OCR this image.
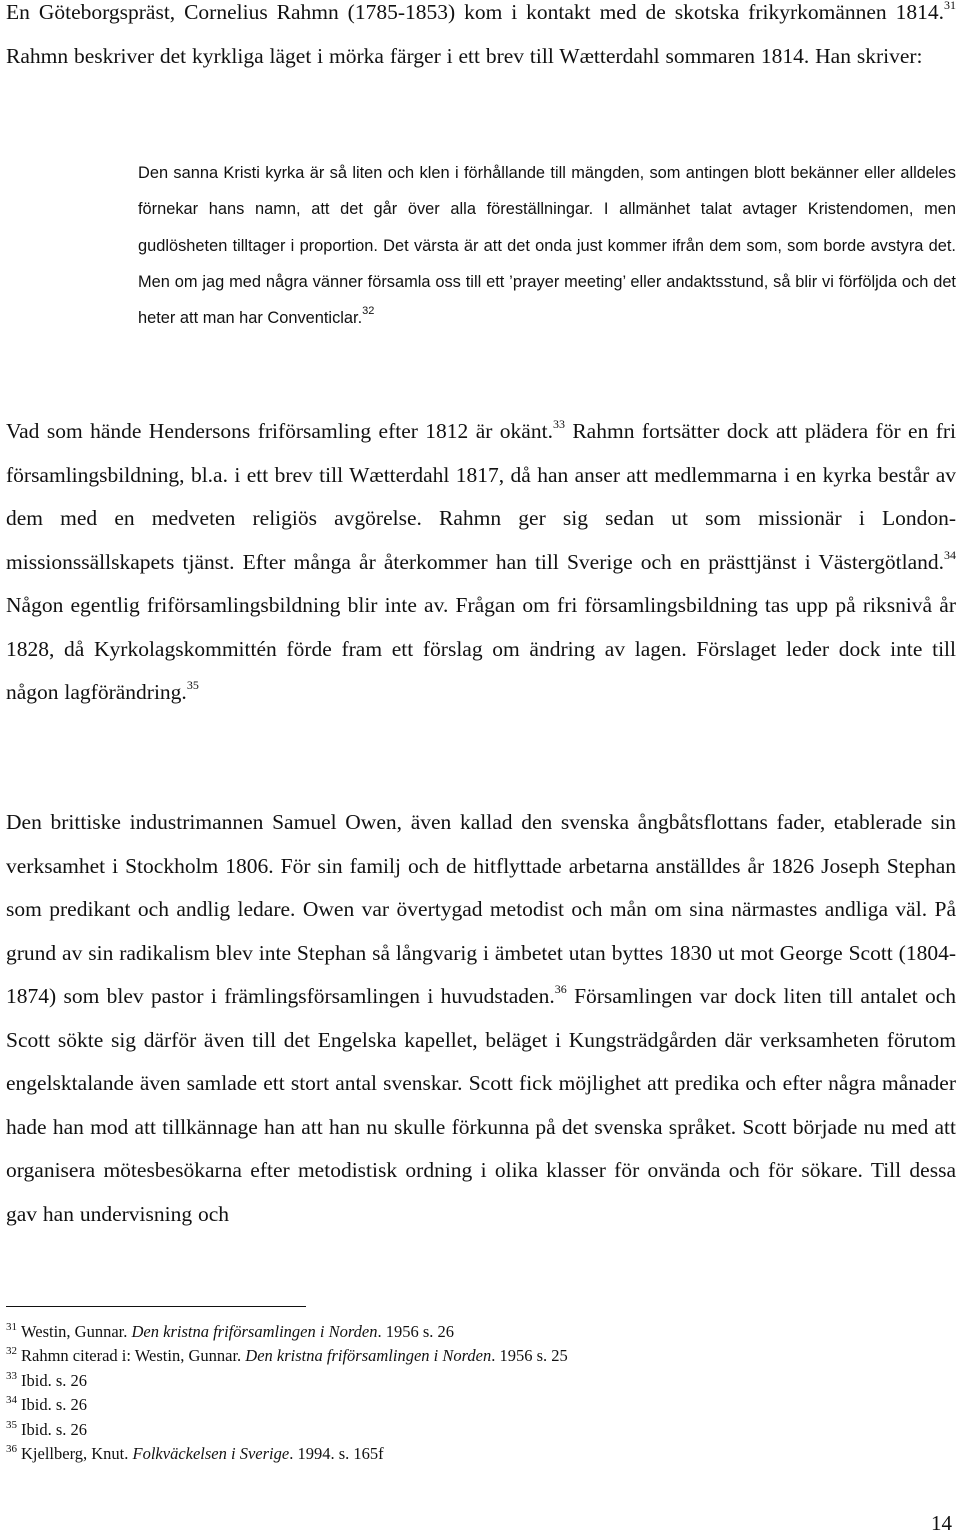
En Göteborgspräst, Cornelius Rahmn (1785-1853) kom i kontakt med de skotska frikyrkomännen 1814.31 Rahmn beskriver det kyrkliga läget i mörka färger i ett brev till Wætterdahl sommaren 1814. Han skriver:

Den sanna Kristi kyrka är så liten och klen i förhållande till mängden, som antingen blott bekänner eller alldeles förnekar hans namn, att det går över alla föreställningar. I allmänhet talat avtager Kristendomen, men gudlösheten tilltager i proportion. Det värsta är att det onda just kommer ifrån dem som, som borde avstyra det. Men om jag med några vänner församla oss till ett ’prayer meeting’ eller andaktsstund, så blir vi förföljda och det heter att man har Conventiclar.$^{32}$

Vad som hände Hendersons friförsamling efter 1812 är okänt.$^{33}$ Rahmn fortsätter dock att plädera för en fri församlingsbildning, bl.a. i ett brev till Wætterdahl 1817, då han anser att medlemmarna i en kyrka består av dem med en medveten religiös avgörelse. Rahmn ger sig sedan ut som missionär i London-missionssällskapets tjänst. Efter många år återkommer han till Sverige och en prästtjänst i Västergötland.$^{34}$ Någon egentlig friförsamlingsbildning blir inte av. Frågan om fri församlingsbildning tas upp på riksnivå år 1828, då Kyrkolagskommittén förde fram ett förslag om ändring av lagen. Förslaget leder dock inte till någon lagförändring.$^{35}$

Den brittiske industrimannen Samuel Owen, även kallad den svenska ångbåtsflottans fader, etablerade sin verksamhet i Stockholm 1806. För sin familj och de hitflyttade arbetarna anställdes år 1826 Joseph Stephan som predikant och andlig ledare. Owen var övertygad metodist och mån om sina närmastes andliga väl. På grund av sin radikalism blev inte Stephan så långvarig i ämbetet utan byttes 1830 ut mot George Scott (1804-1874) som blev pastor i främlingsförsamlingen i huvudstaden.$^{36}$ Församlingen var dock liten till antalet och Scott sökte sig därför även till det Engelska kapellet, beläget i Kungsträdgården där verksamheten förutom engelsktalande även samlade ett stort antal svenskar. Scott fick möjlighet att predika och efter några månader hade han mod att tillkännage han att han nu skulle förkunna på det svenska språket. Scott började nu med att organisera mötesbesökarna efter metodistisk ordning i olika klasser för onvända och för sökare. Till dessa gav han undervisning och

$^{31}$ Westin, Gunnar. Den kristna friförsamlingen i Norden. 1956 s. 26
$^{32}$ Rahmn citerad i: Westin, Gunnar. Den kristna friförsamlingen i Norden. 1956 s. 25
$^{33}$ Ibid. s. 26
$^{34}$ Ibid. s. 26
$^{35}$ Ibid. s. 26
$^{36}$ Kjellberg, Knut. Folkväckelsen i Sverige. 1994. s. 165f
14
